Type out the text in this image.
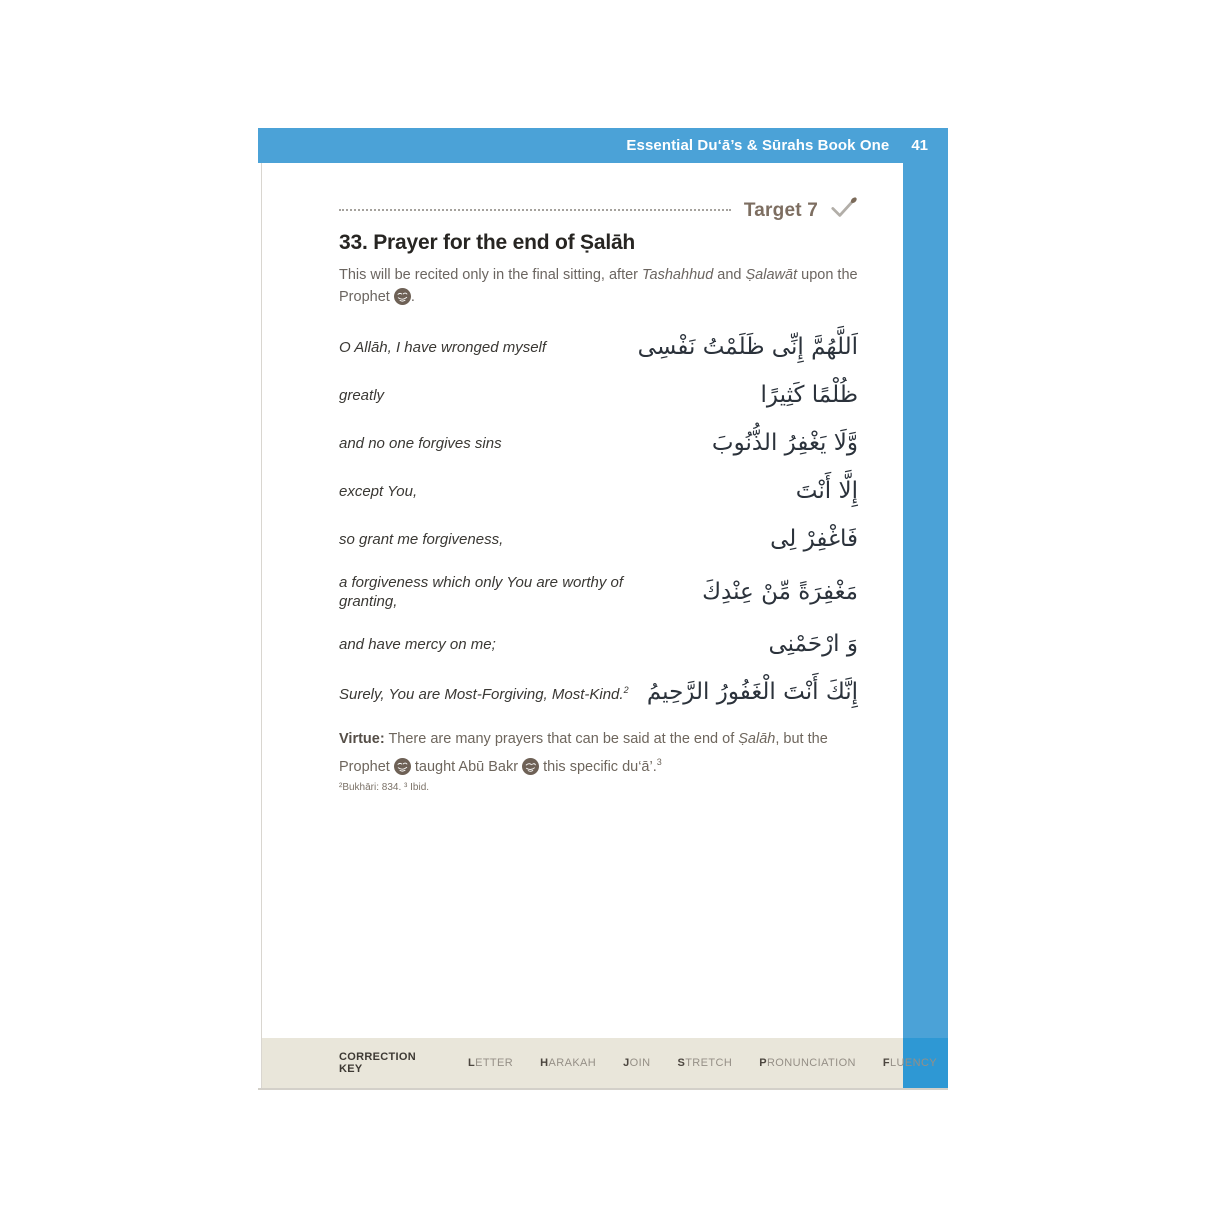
Essential Du‘ā’s & Sūrahs Book One 41
Target 7
33. Prayer for the end of Ṣalāh
This will be recited only in the final sitting, after Tashahhud and Ṣalawāt upon the Prophet .
O Allāh, I have wronged myself	اَللَّهُمَّ إِنِّى ظَلَمْتُ نَفْسِى
greatly	ظُلْمًا كَثِيرًا
and no one forgives sins	وَّلَا يَغْفِرُ الذُّنُوبَ
except You,	إِلَّا أَنْتَ
so grant me forgiveness,	فَاغْفِرْ لِى
a forgiveness which only You are worthy of granting,	مَغْفِرَةً مِّنْ عِنْدِكَ
and have mercy on me;	وَ ارْحَمْنِى
Surely, You are Most-Forgiving, Most-Kind.$^2$ إِنَّكَ أَنْتَ الْغَفُورُ الرَّحِيمُ
Virtue: There are many prayers that can be said at the end of Ṣalāh, but the Prophet  taught Abū Bakr  this specific du‘ā’.$^3$
²Bukhāri: 834. ³ Ibid.
CORRECTION KEY	LETTER HARAKAH JOIN STRETCH PRONUNCIATION FLUENCY
